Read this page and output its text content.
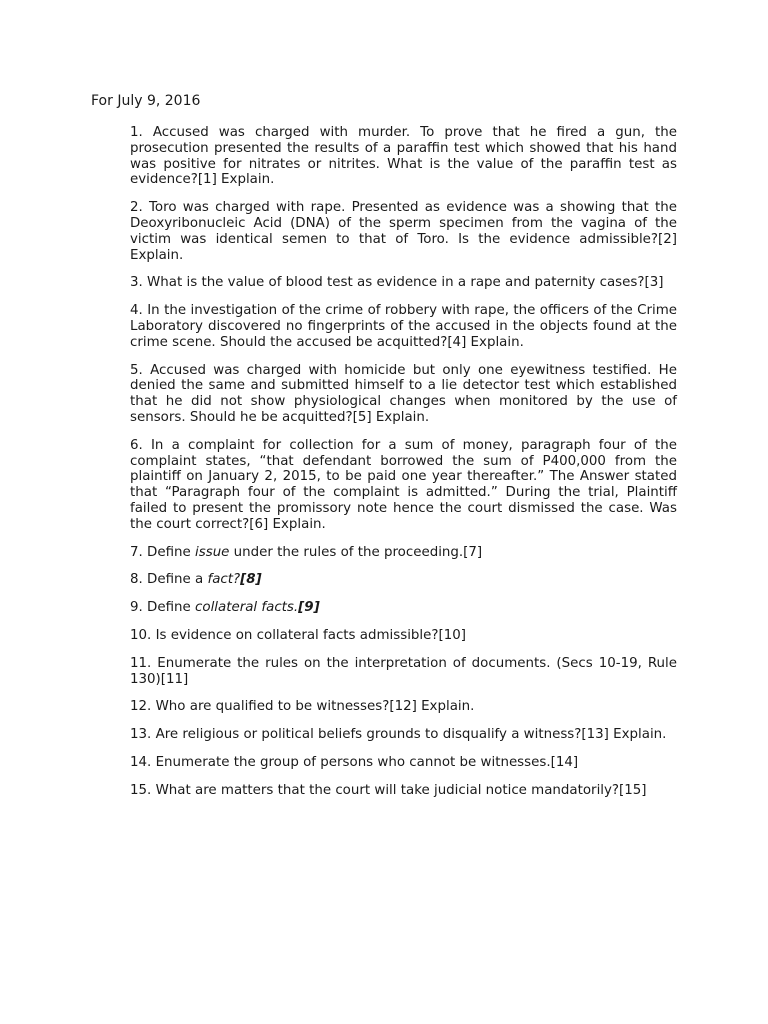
For July 9, 2016
1. Accused was charged with murder. To prove that he fired a gun, the prosecution presented the results of a paraffin test which showed that his hand was positive for nitrates or nitrites. What is the value of the paraffin test as evidence?[1] Explain.
2. Toro was charged with rape. Presented as evidence was a showing that the Deoxyribonucleic Acid (DNA) of the sperm specimen from the vagina of the victim was identical semen to that of Toro. Is the evidence admissible?[2] Explain.
3. What is the value of blood test as evidence in a rape and paternity cases?[3]
4. In the investigation of the crime of robbery with rape, the officers of the Crime Laboratory discovered no fingerprints of the accused in the objects found at the crime scene. Should the accused be acquitted?[4] Explain.
5. Accused was charged with homicide but only one eyewitness testified. He denied the same and submitted himself to a lie detector test which established that he did not show physiological changes when monitored by the use of sensors. Should he be acquitted?[5] Explain.
6. In a complaint for collection for a sum of money, paragraph four of the complaint states, “that defendant borrowed the sum of P400,000 from the plaintiff on January 2, 2015, to be paid one year thereafter.” The Answer stated that “Paragraph four of the complaint is admitted.” During the trial, Plaintiff failed to present the promissory note hence the court dismissed the case. Was the court correct?[6] Explain.
7. Define issue under the rules of the proceeding.[7]
8. Define a fact?[8]
9. Define collateral facts.[9]
10. Is evidence on collateral facts admissible?[10]
11. Enumerate the rules on the interpretation of documents. (Secs 10-19, Rule 130)[11]
12. Who are qualified to be witnesses?[12] Explain.
13. Are religious or political beliefs grounds to disqualify a witness?[13] Explain.
14. Enumerate the group of persons who cannot be witnesses.[14]
15. What are matters that the court will take judicial notice mandatorily?[15]
